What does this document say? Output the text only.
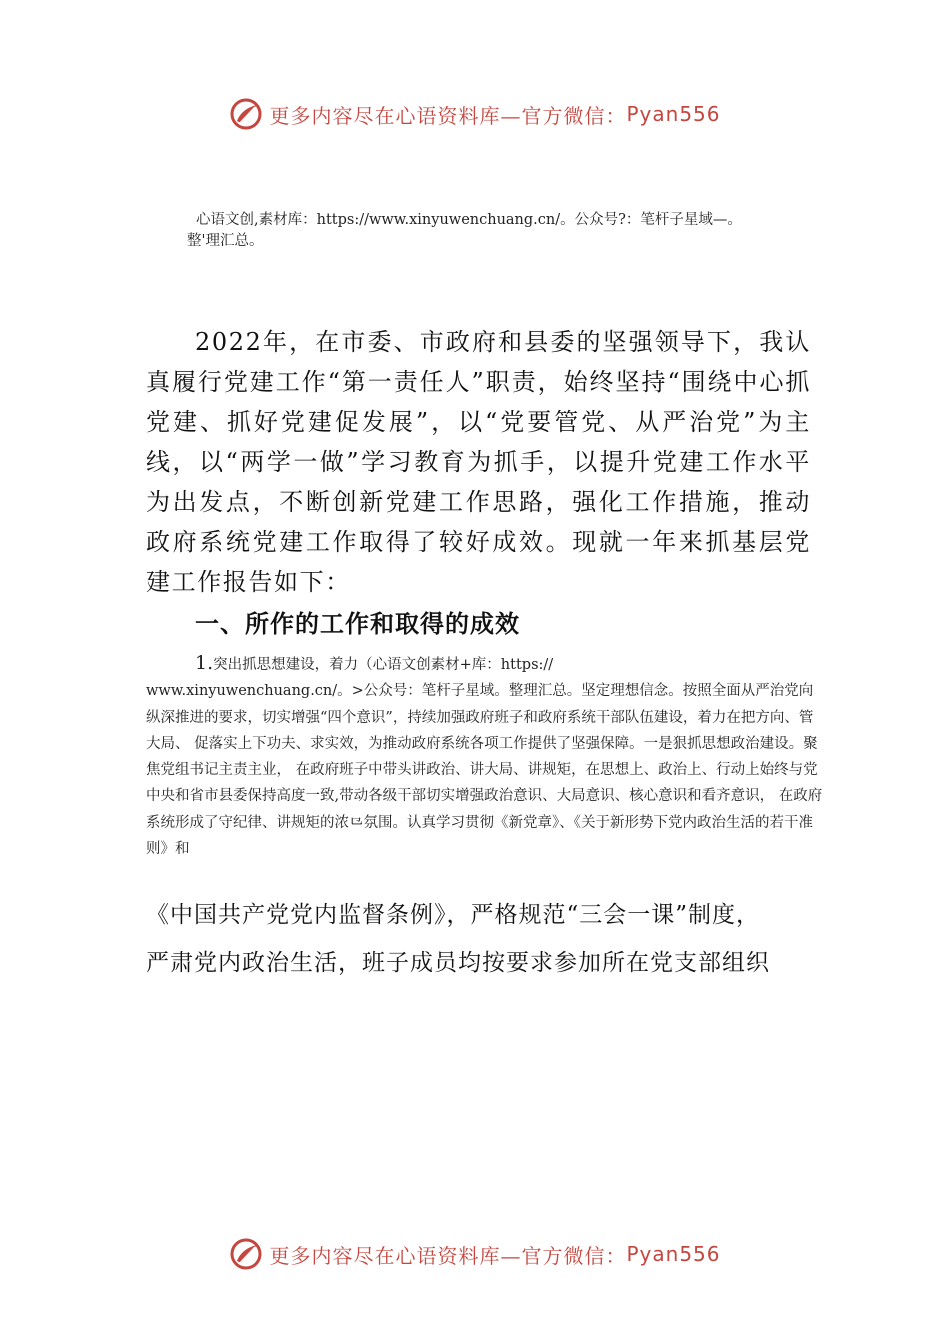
更多内容尽在心语资料库—官方微信： Pyan556
心语文创,素材库：https://www.xinyuwenchuang.cn/。公众号?：笔杆子星域—。
整'理汇总。
2022年，在市委、市政府和县委的坚强领导下，我认真履行党建工作“第一责任人”职责，始终坚持“围绕中心抓党建、抓好党建促发展”，以“党要管党、从严治党”为主线，以“两学一做”学习教育为抓手，以提升党建工作水平为出发点，不断创新党建工作思路，强化工作措施，推动政府系统党建工作取得了较好成效。现就一年来抓基层党建工作报告如下：
一、所作的工作和取得的成效
1.突出抓思想建设，着力（心语文创素材+库：https://
www.xinyuwenchuang.cn/。>公众号：笔杆子星域。整理汇总。坚定理想信念。按照全面从严治党向纵深推进的要求，切实增强“四个意识”，持续加强政府班子和政府系统干部队伍建设，着力在把方向、管大局、 促落实上下功夫、求实效，为推动政府系统各项工作提供了坚强保障。一是狠抓思想政治建设。聚焦党组书记主责主业， 在政府班子中带头讲政治、讲大局、讲规矩，在思想上、政治上、行动上始终与党中央和省市县委保持高度一致,带动各级干部切实增强政治意识、大局意识、核心意识和看齐意识， 在政府系统形成了守纪律、讲规矩的浓⺋氛围。认真学习贯彻《新党章》、《关于新形势下党内政治生活的若干准则》和
《中国共产党党内监督条例》，严格规范“三会一课”制度，
严肃党内政治生活，班子成员均按要求参加所在党支部组织
更多内容尽在心语资料库—官方微信： Pyan556
